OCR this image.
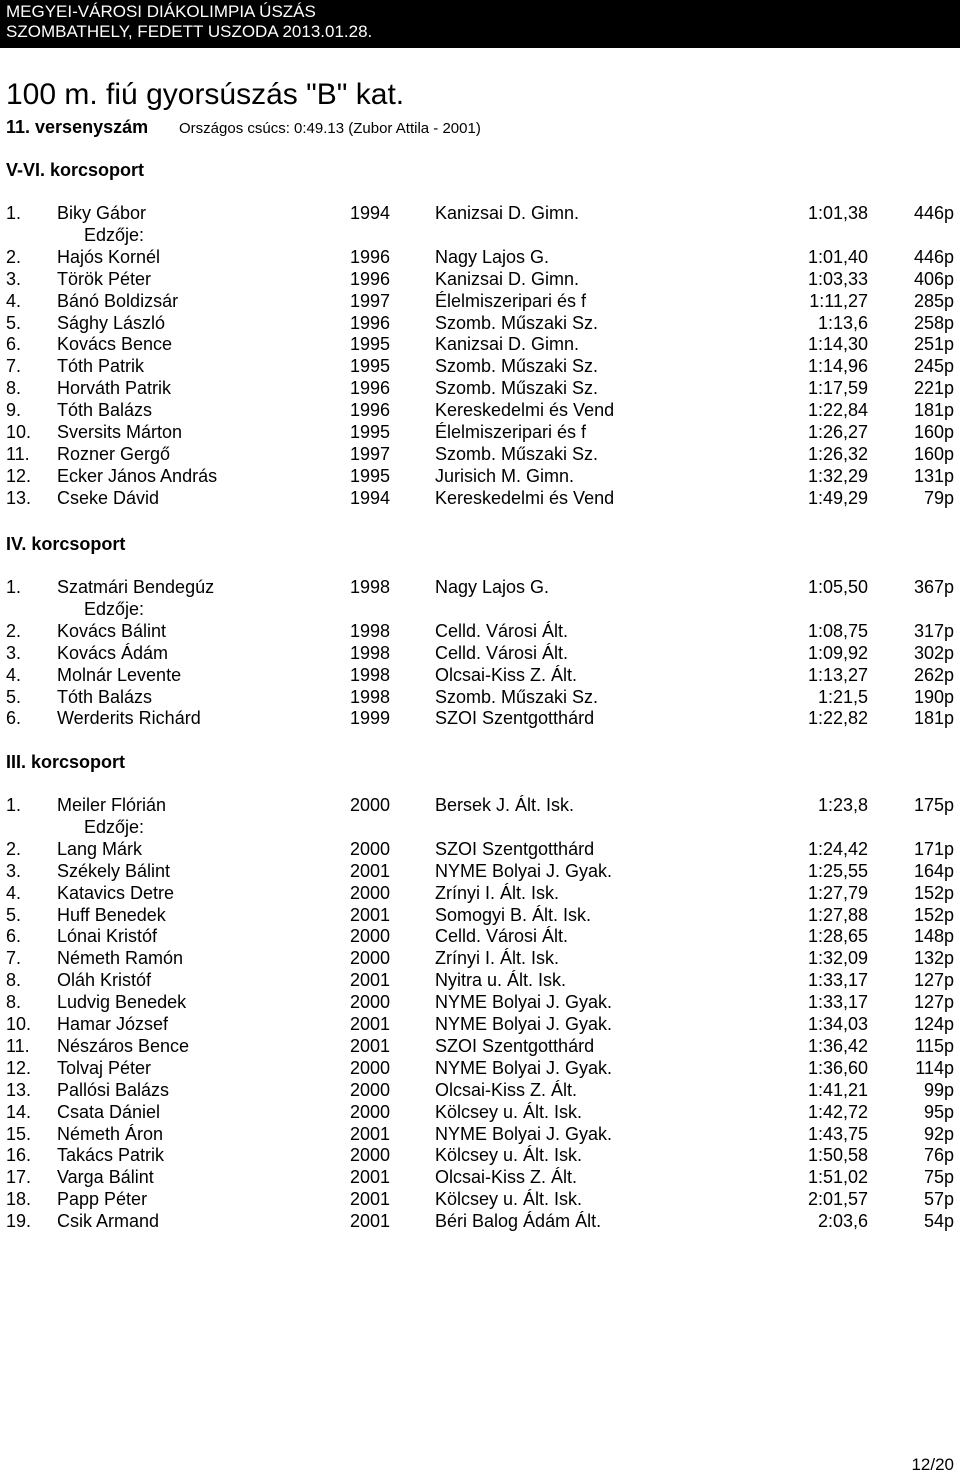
MEGYEI-VÁROSI DIÁKOLIMPIA ÚSZÁS
SZOMBATHELY, FEDETT USZODA 2013.01.28.
100 m. fiú gyorsúszás "B" kat.
11. versenyszám Országos csúcs: 0:49.13 (Zubor Attila - 2001)
V-VI. korcsoport
1. Biky Gábor	1994 Kanizsai D. Gimn.	1:01,38	446p
Edzője:
2. Hajós Kornél	1996 Nagy Lajos G.	1:01,40	446p
3. Török Péter	1996 Kanizsai D. Gimn.	1:03,33	406p
4. Bánó Boldizsár	1997 Élelmiszeripari és f	1:11,27	285p
5. Sághy László	1996 Szomb. Műszaki Sz.	1:13,6	258p
6. Kovács Bence	1995 Kanizsai D. Gimn.	1:14,30	251p
7. Tóth Patrik	1995 Szomb. Műszaki Sz.	1:14,96	245p
8. Horváth Patrik	1996 Szomb. Műszaki Sz.	1:17,59	221p
9. Tóth Balázs	1996 Kereskedelmi és Vend	1:22,84	181p
10. Sversits Márton	1995 Élelmiszeripari és f	1:26,27	160p
11. Rozner Gergő	1997 Szomb. Műszaki Sz.	1:26,32	160p
12. Ecker János András	1995 Jurisich M. Gimn.	1:32,29	131p
13. Cseke Dávid	1994 Kereskedelmi és Vend	1:49,29	79p
IV. korcsoport
1. Szatmári Bendegúz	1998 Nagy Lajos G.	1:05,50	367p
Edzője:
2. Kovács Bálint	1998 Celld. Városi Ált.	1:08,75	317p
3. Kovács Ádám	1998 Celld. Városi Ált.	1:09,92	302p
4. Molnár Levente	1998 Olcsai-Kiss Z. Ált.	1:13,27	262p
5. Tóth Balázs	1998 Szomb. Műszaki Sz.	1:21,5	190p
6. Werderits Richárd	1999 SZOI Szentgotthárd	1:22,82	181p
III. korcsoport
1. Meiler Flórián	2000 Bersek J. Ált. Isk.	1:23,8	175p
Edzője:
2. Lang Márk	2000 SZOI Szentgotthárd	1:24,42	171p
3. Székely Bálint	2001 NYME Bolyai J. Gyak.	1:25,55	164p
4. Katavics Detre	2000 Zrínyi I. Ált. Isk.	1:27,79	152p
5. Huff Benedek	2001 Somogyi B. Ált. Isk.	1:27,88	152p
6. Lónai Kristóf	2000 Celld. Városi Ált.	1:28,65	148p
7. Németh Ramón	2000 Zrínyi I. Ált. Isk.	1:32,09	132p
8. Oláh Kristóf	2001 Nyitra u. Ált. Isk.	1:33,17	127p
8. Ludvig Benedek	2000 NYME Bolyai J. Gyak.	1:33,17	127p
10. Hamar József	2001 NYME Bolyai J. Gyak.	1:34,03	124p
11. Nészáros Bence	2001 SZOI Szentgotthárd	1:36,42	115p
12. Tolvaj Péter	2000 NYME Bolyai J. Gyak.	1:36,60	114p
13. Pallósi Balázs	2000 Olcsai-Kiss Z. Ált.	1:41,21	99p
14. Csata Dániel	2000 Kölcsey u. Ált. Isk.	1:42,72	95p
15. Németh Áron	2001 NYME Bolyai J. Gyak.	1:43,75	92p
16. Takács Patrik	2000 Kölcsey u. Ált. Isk.	1:50,58	76p
17. Varga Bálint	2001 Olcsai-Kiss Z. Ált.	1:51,02	75p
18. Papp Péter	2001 Kölcsey u. Ált. Isk.	2:01,57	57p
19. Csik Armand	2001 Béri Balog Ádám Ált.	2:03,6	54p
12/20
